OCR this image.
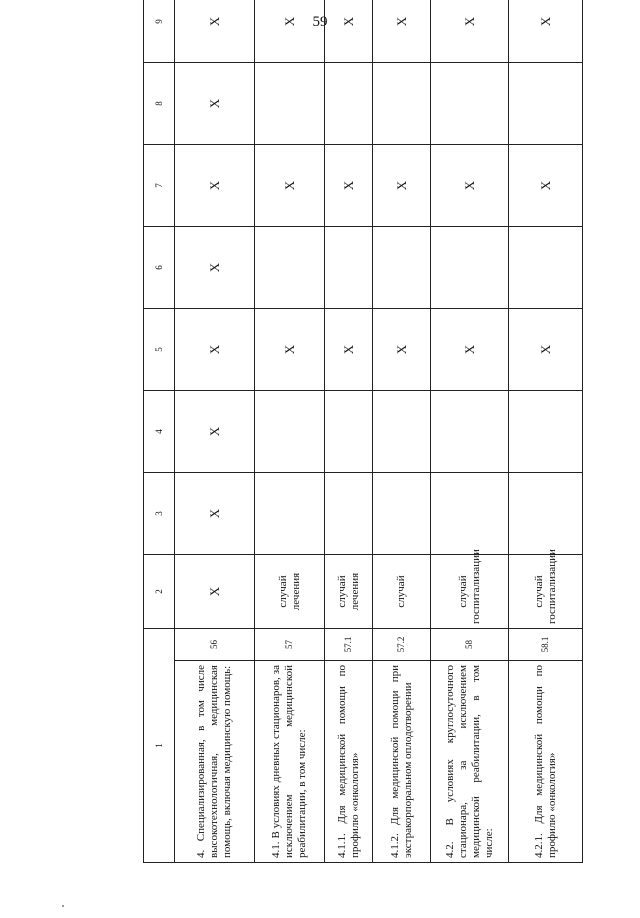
59
1		2	3	4	5	6	7	8	9
4. Специализированная, в том числе высокотехнологичная, медицинская помощь, включая медицинскую помощь:	56	X	X	X	X	X	X	X	X
4.1. В условиях дневных стационаров, за исключением медицинской реабилитации, в том числе:	57	случай лечения			X		X		X
4.1.1. Для медицинской помощи по профилю «онкология»	57.1	случай лечения			X		X		X
4.1.2. Для медицинской помощи при экстракорпоральном оплодотворении	57.2	случай			X		X		X
4.2. В условиях круглосуточного стационара, за исключением медицинской реабилитации, в том числе:	58	случай госпитализации			X		X		X
4.2.1. Для медицинской помощи по профилю «онкология»	58.1	случай госпитализации			X		X		X
